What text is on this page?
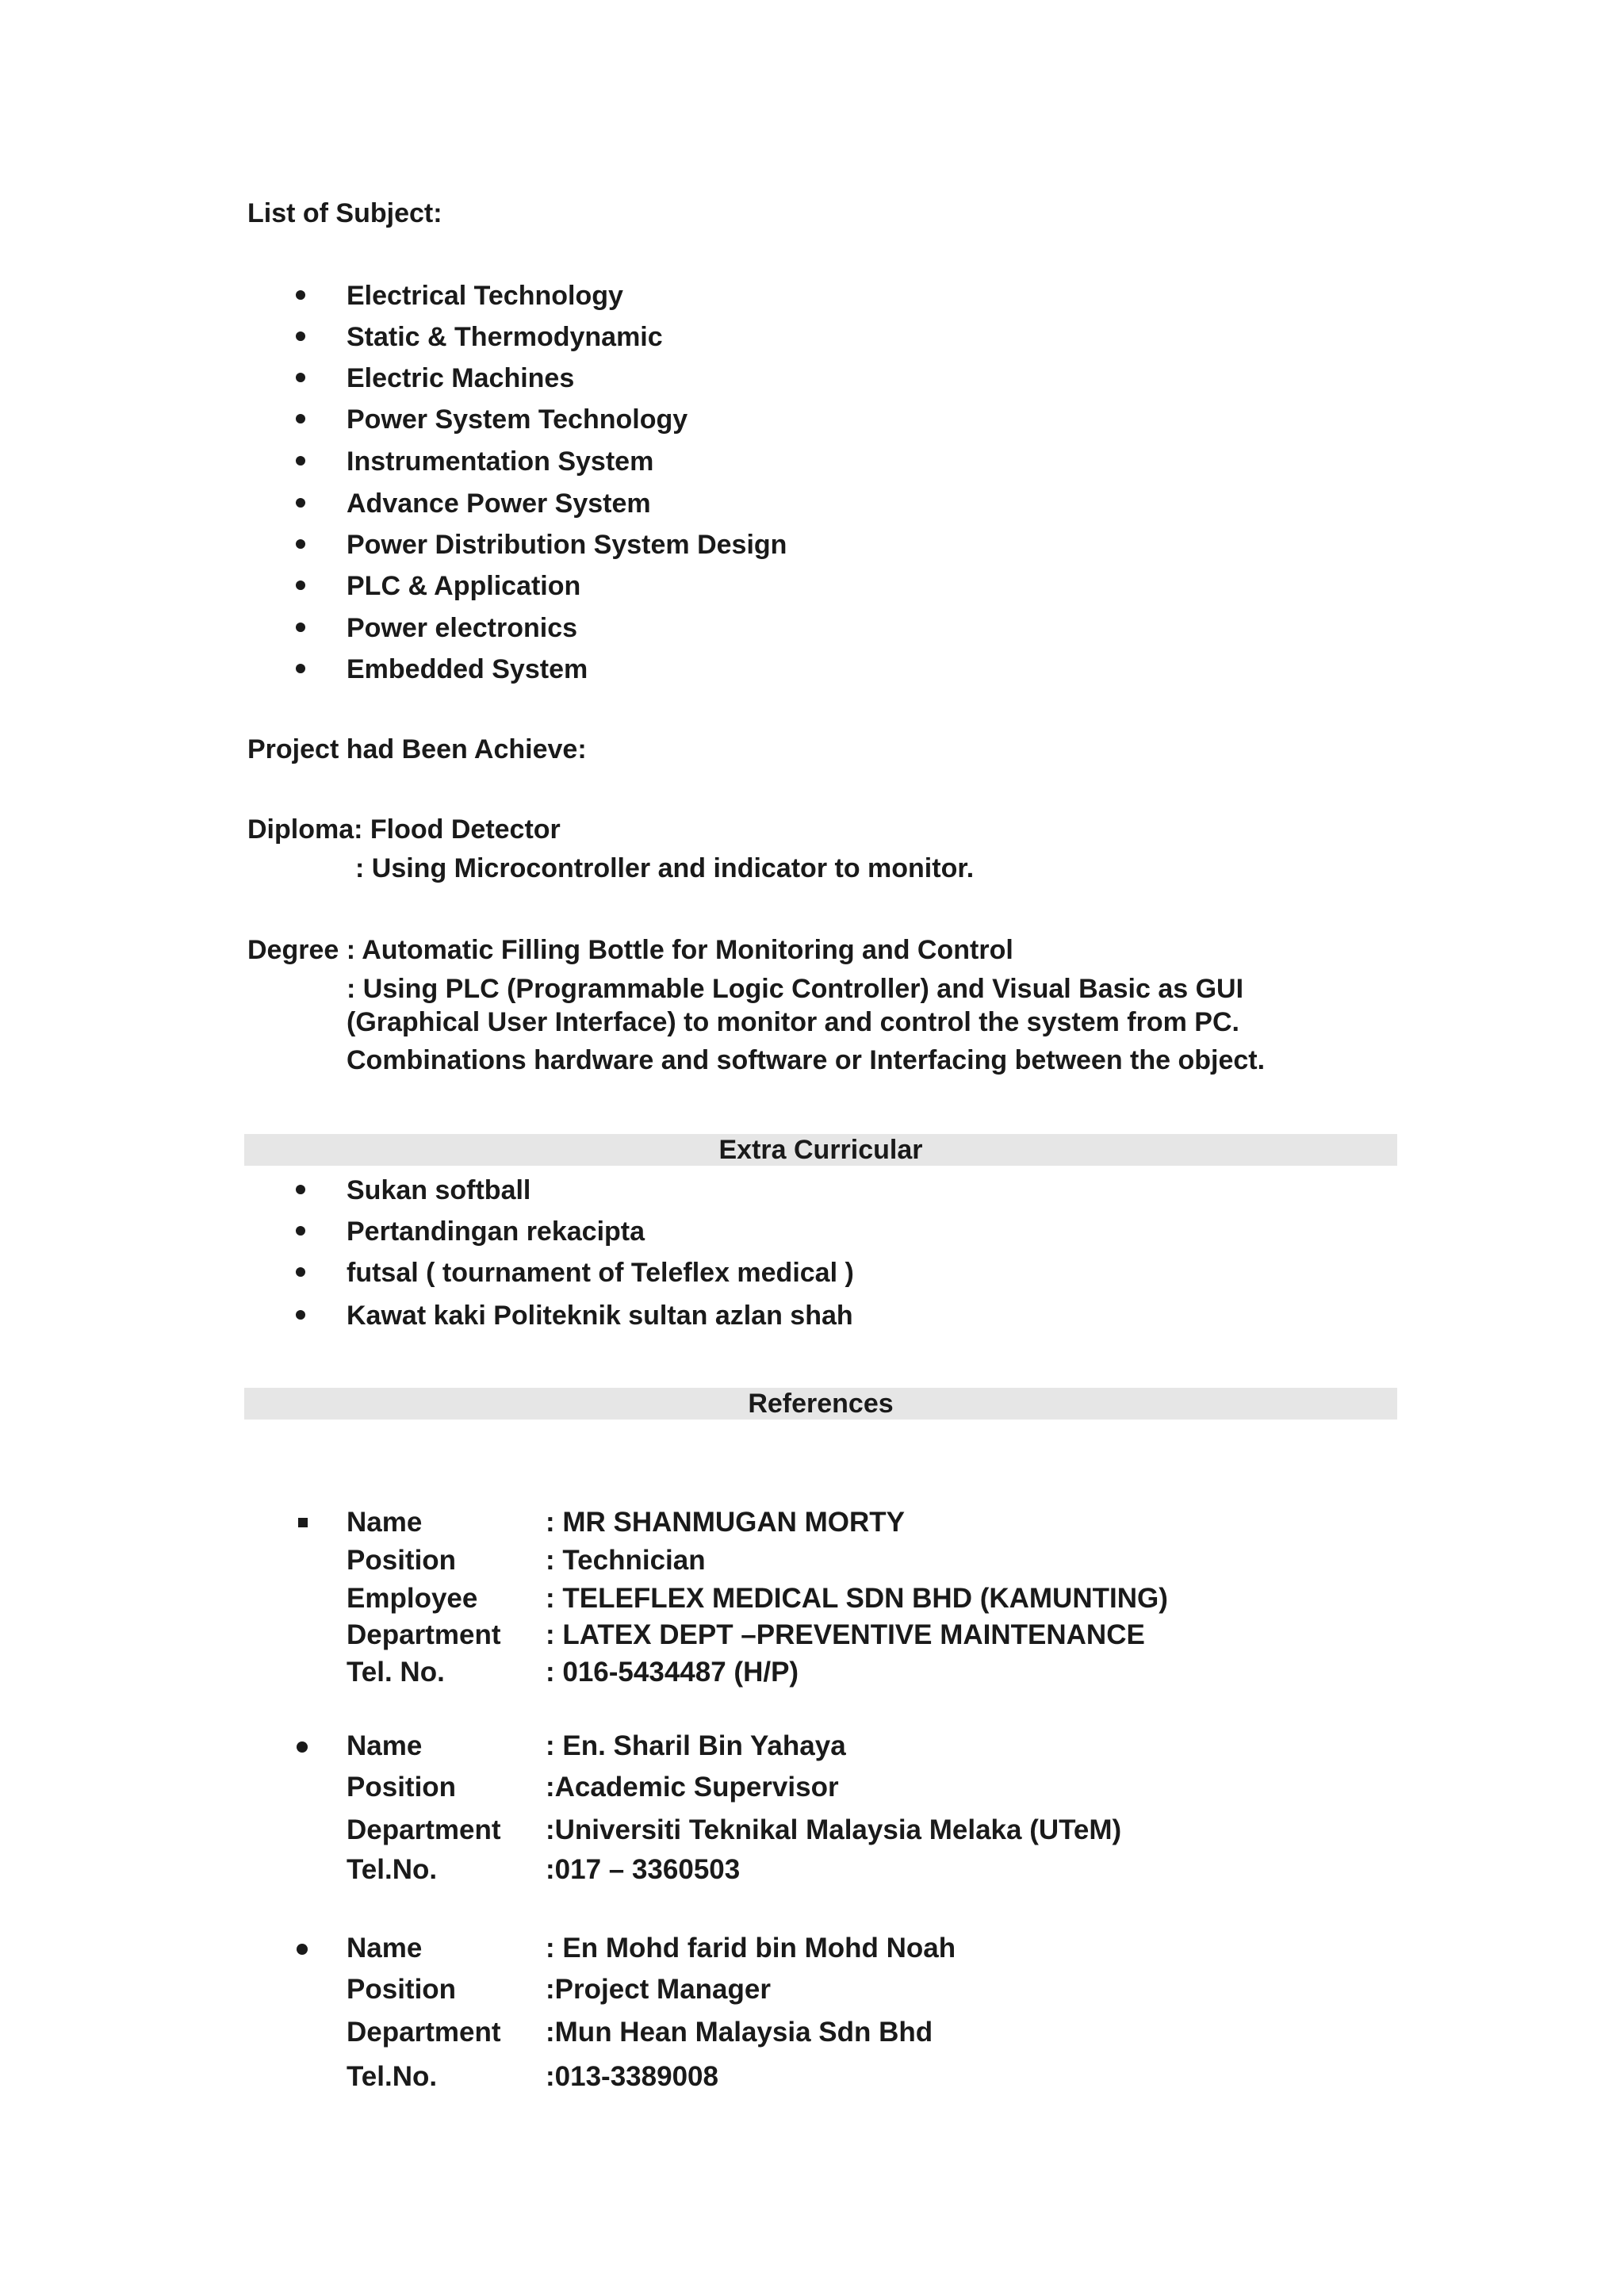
List of Subject:
Electrical Technology
Static & Thermodynamic
Electric Machines
Power System Technology
Instrumentation System
Advance Power System
Power Distribution System Design
PLC & Application
Power electronics
Embedded System
Project had Been Achieve:
Diploma: Flood Detector
: Using Microcontroller and indicator to monitor.
Degree : Automatic Filling Bottle for Monitoring and Control
: Using PLC (Programmable Logic Controller) and Visual Basic as GUI
(Graphical User Interface) to monitor and control the system from PC.
Combinations hardware and software or Interfacing between the object.
Extra Curricular
Sukan softball
Pertandingan rekacipta
futsal ( tournament of Teleflex medical )
Kawat kaki Politeknik sultan azlan shah
References
Name	: MR SHANMUGAN MORTY
Position	: Technician
Employee : TELEFLEX MEDICAL SDN BHD (KAMUNTING)
Department : LATEX DEPT –PREVENTIVE MAINTENANCE
Tel. No.	: 016-5434487 (H/P)
Name	: En. Sharil Bin Yahaya
Position	:Academic Supervisor
Department :Universiti Teknikal Malaysia Melaka (UTeM)
Tel.No.	:017 – 3360503
Name	: En Mohd farid bin Mohd Noah
Position	:Project Manager
Department :Mun Hean Malaysia Sdn Bhd
Tel.No.	:013-3389008
